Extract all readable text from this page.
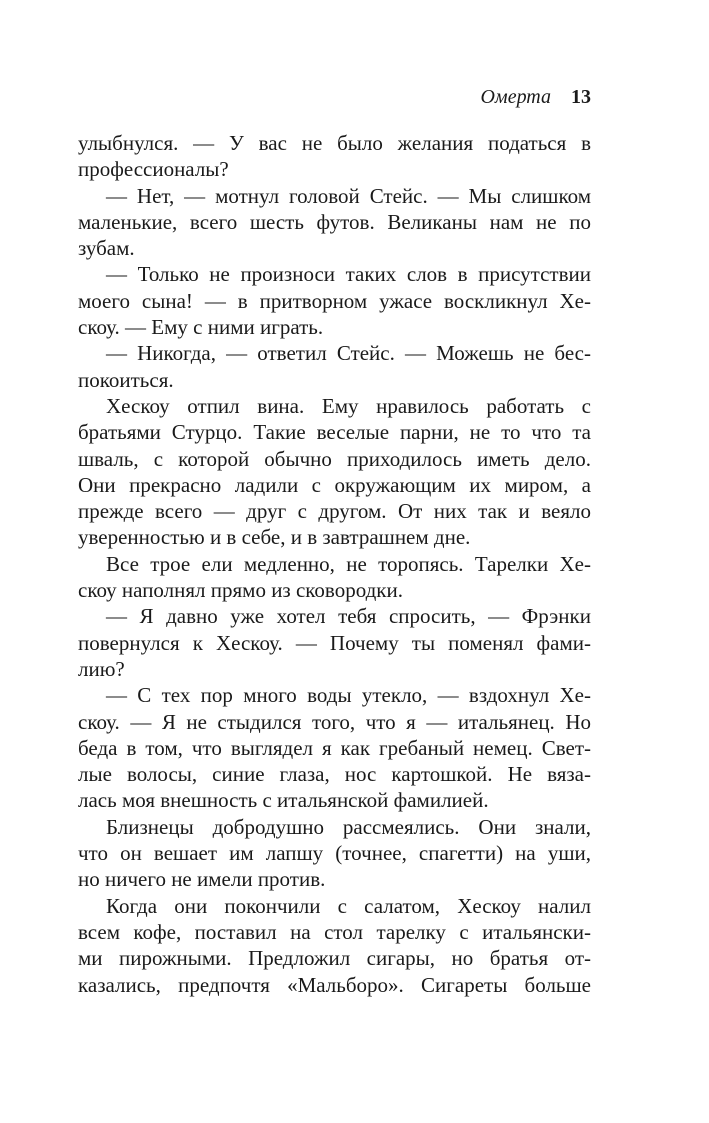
Омерта 13

улыбнулся. — У вас не было желания податься в

профессионалы?

— Нет, — мотнул головой Стейс. — Мы слишком

маленькие, всего шесть футов. Великаны нам не по

зубам.

— Только не произноси таких слов в присутствии

моего сына! — в притворном ужасе воскликнул Хе-

скоу. — Ему с ними играть.

— Никогда, — ответил Стейс. — Можешь не бес-

покоиться.

Хескоу отпил вина. Ему нравилось работать с

братьями Стурцо. Такие веселые парни, не то что та

шваль, с которой обычно приходилось иметь дело.

Они прекрасно ладили с окружающим их миром, а

прежде всего — друг с другом. От них так и веяло

уверенностью и в себе, и в завтрашнем дне.

Все трое ели медленно, не торопясь. Тарелки Хе-

скоу наполнял прямо из сковородки.

— Я давно уже хотел тебя спросить, — Фрэнки

повернулся к Хескоу. — Почему ты поменял фами-

лию?

— С тех пор много воды утекло, — вздохнул Хе-

скоу. — Я не стыдился того, что я — итальянец. Но

беда в том, что выглядел я как гребаный немец. Свет-

лые волосы, синие глаза, нос картошкой. Не вяза-

лась моя внешность с итальянской фамилией.

Близнецы добродушно рассмеялись. Они знали,

что он вешает им лапшу (точнее, спагетти) на уши,

но ничего не имели против.

Когда они покончили с салатом, Хескоу налил

всем кофе, поставил на стол тарелку с итальянски-

ми пирожными. Предложил сигары, но братья от-

казались, предпочтя «Мальборо». Сигареты больше
